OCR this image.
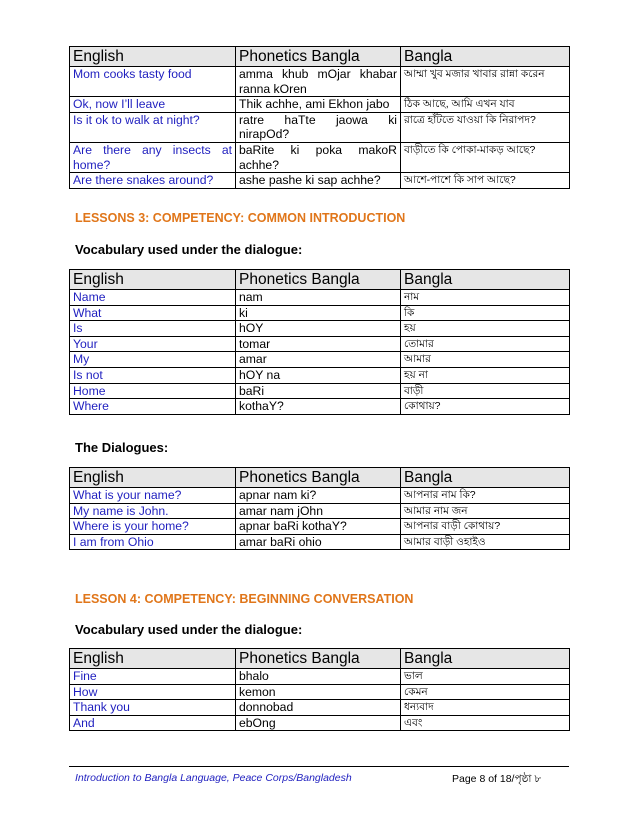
English	Phonetics Bangla	Bangla
Mom cooks tasty food	amma khub mOjar khabar ranna kOren	আম্মা খুব মজার খাবার রান্না করেন
Ok, now I’ll leave	Thik achhe, ami Ekhon jabo	ঠিক আছে, আমি এখন যাব
Is it ok to walk at night?	ratre haTte jaowa ki nirapOd?	রাত্রে হাঁটতে যাওয়া কি নিরাপদ?
Are there any insects at home?	baRite ki poka makoR achhe?	বাড়ীতে কি পোকা-মাকড় আছে?
Are there snakes around?	ashe pashe ki sap achhe?	আশে-পাশে কি সাপ আছে?
LESSONS 3: COMPETENCY: COMMON INTRODUCTION
Vocabulary used under the dialogue:
English	Phonetics Bangla	Bangla
Name	nam	নাম
What	ki	কি
Is	hOY	হয়
Your	tomar	তোমার
My	amar	আমার
Is not	hOY na	হয় না
Home	baRi	বাড়ী
Where	kothaY?	কোথায়?
The Dialogues:
English	Phonetics Bangla	Bangla
What is your name?	apnar nam ki?	আপনার নাম কি?
My name is John.	amar nam jOhn	আমার নাম জন
Where is your home?	apnar baRi kothaY?	আপনার বাড়ী কোথায়?
I am from Ohio	amar baRi ohio	আমার বাড়ী ওহাইও
LESSON 4: COMPETENCY: BEGINNING CONVERSATION
Vocabulary used under the dialogue:
English	Phonetics Bangla	Bangla
Fine	bhalo	ভাল
How	kemon	কেমন
Thank you	donnobad	ধন্যবাদ
And	ebOng	এবং
Introduction to Bangla Language, Peace Corps/Bangladesh	Page 8 of 18/পৃষ্ঠা ৮
